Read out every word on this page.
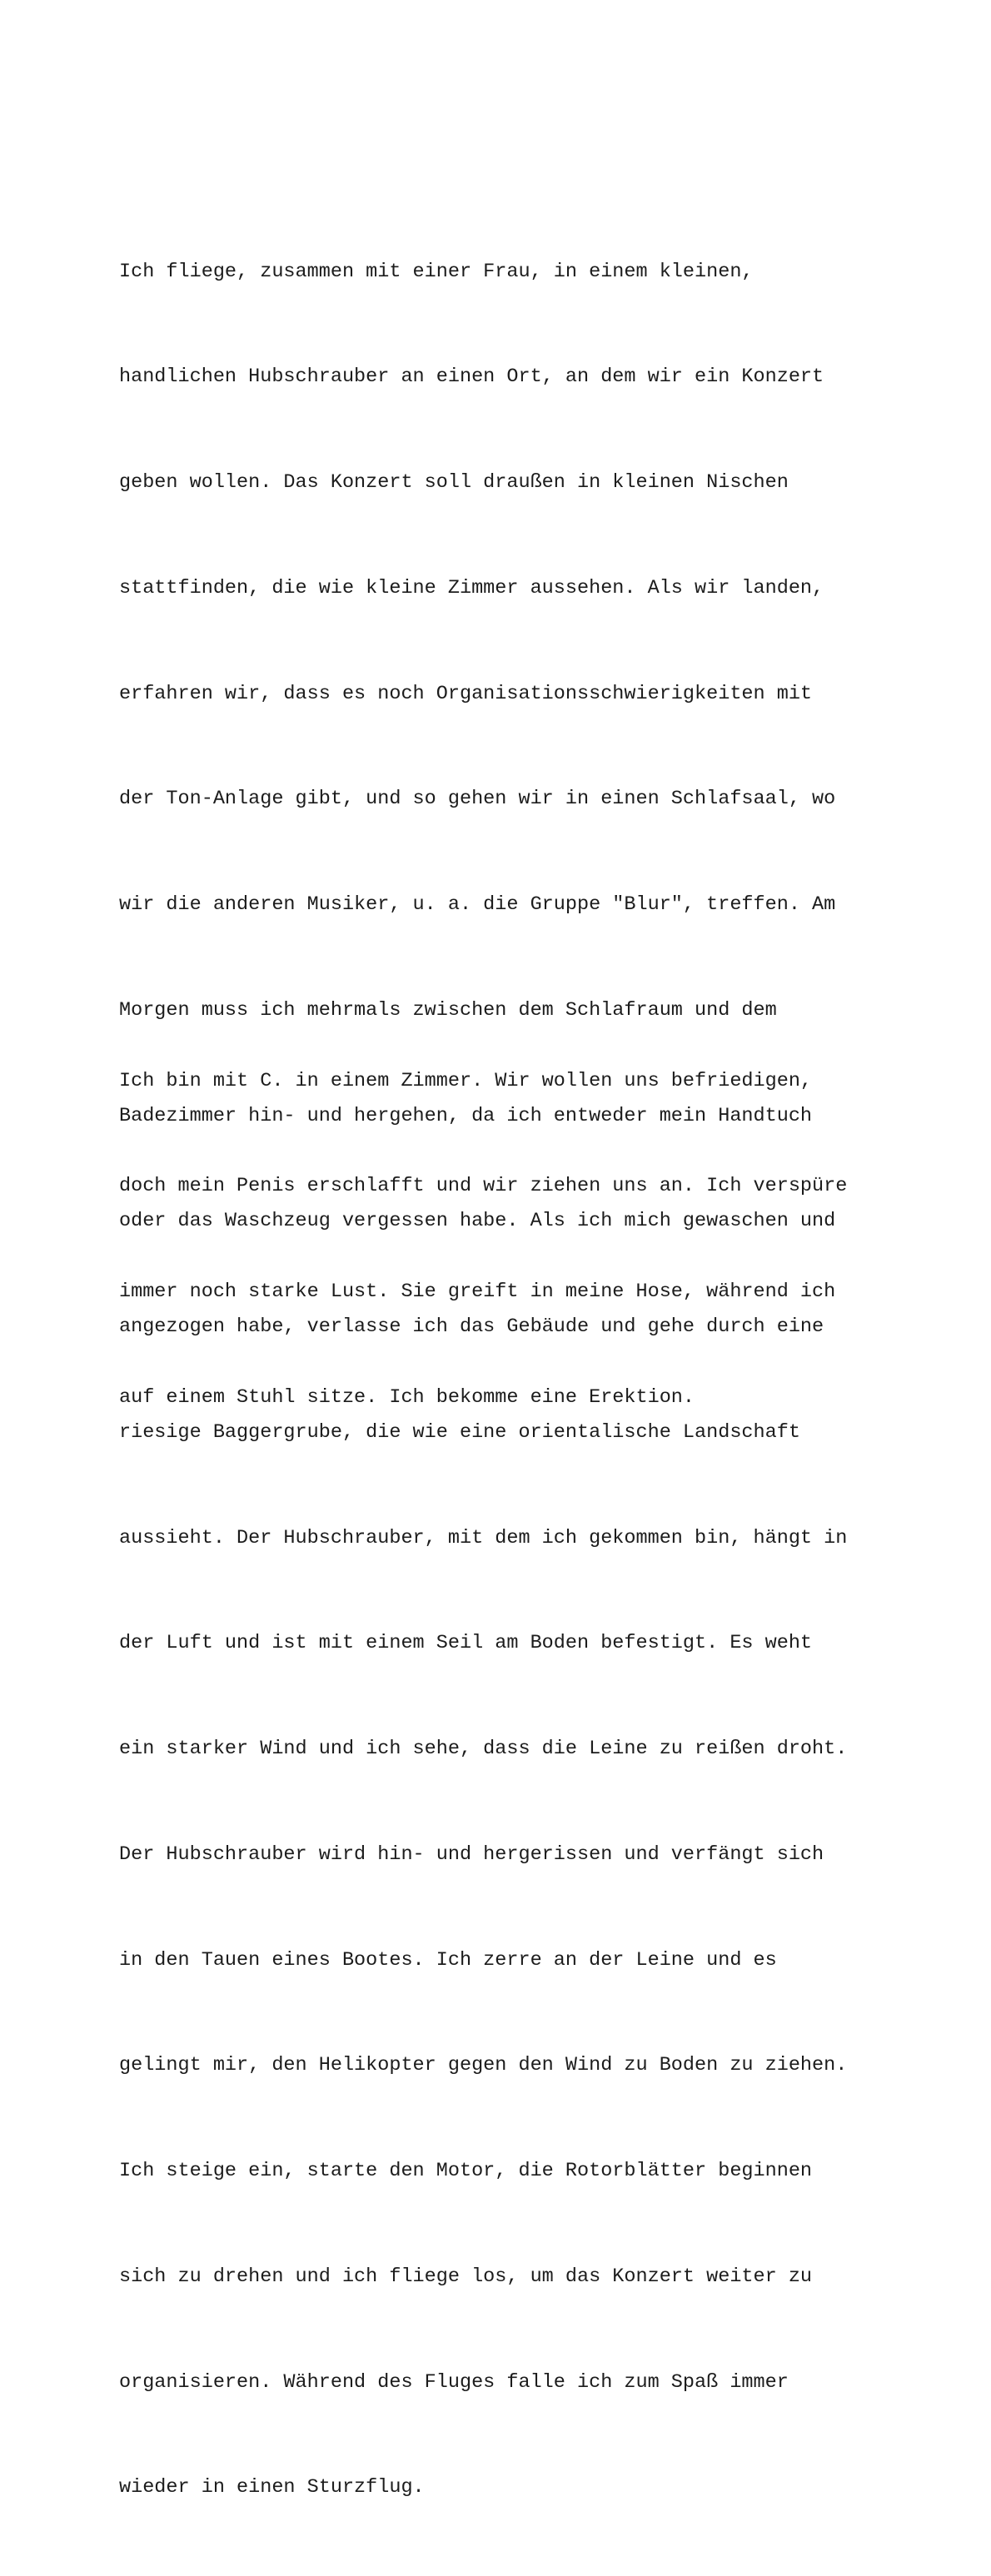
Ich fliege, zusammen mit einer Frau, in einem kleinen,

handlichen Hubschrauber an einen Ort, an dem wir ein Konzert

geben wollen. Das Konzert soll draußen in kleinen Nischen

stattfinden, die wie kleine Zimmer aussehen. Als wir landen,

erfahren wir, dass es noch Organisationsschwierigkeiten mit

der Ton-Anlage gibt, und so gehen wir in einen Schlafsaal, wo

wir die anderen Musiker, u. a. die Gruppe "Blur", treffen. Am

Morgen muss ich mehrmals zwischen dem Schlafraum und dem

Badezimmer hin- und hergehen, da ich entweder mein Handtuch

oder das Waschzeug vergessen habe. Als ich mich gewaschen und

angezogen habe, verlasse ich das Gebäude und gehe durch eine

riesige Baggergrube, die wie eine orientalische Landschaft

aussieht. Der Hubschrauber, mit dem ich gekommen bin, hängt in

der Luft und ist mit einem Seil am Boden befestigt. Es weht

ein starker Wind und ich sehe, dass die Leine zu reißen droht.

Der Hubschrauber wird hin- und hergerissen und verfängt sich

in den Tauen eines Bootes. Ich zerre an der Leine und es

gelingt mir, den Helikopter gegen den Wind zu Boden zu ziehen.

Ich steige ein, starte den Motor, die Rotorblätter beginnen

sich zu drehen und ich fliege los, um das Konzert weiter zu

organisieren. Während des Fluges falle ich zum Spaß immer

wieder in einen Sturzflug.

Ich bin mit C. in einem Zimmer. Wir wollen uns befriedigen,

doch mein Penis erschlafft und wir ziehen uns an. Ich verspüre

immer noch starke Lust. Sie greift in meine Hose, während ich

auf einem Stuhl sitze. Ich bekomme eine Erektion.
